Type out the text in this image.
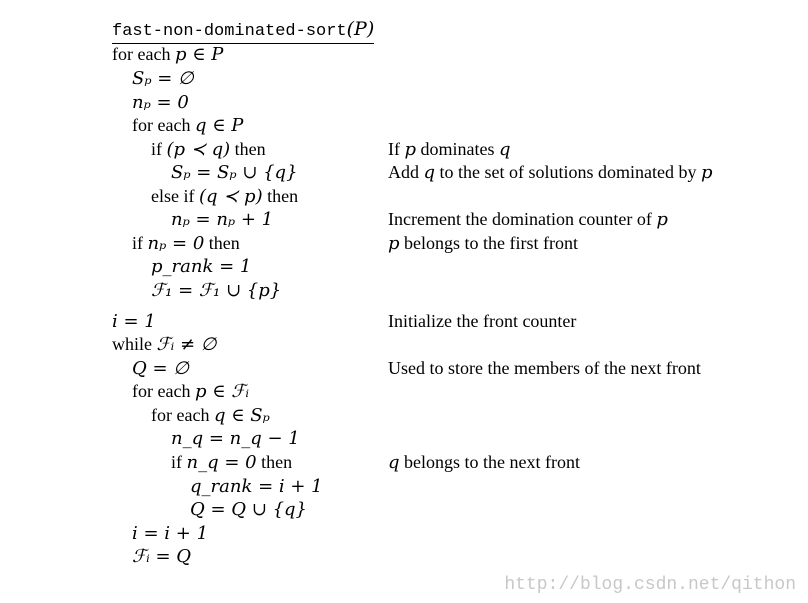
fast-non-dominated-sort(P)
for each p ∈ P
Sₚ = ∅
nₚ = 0
for each q ∈ P
if (p ≺ q) then
Sₚ = Sₚ ∪ {q}
else if (q ≺ p) then
nₚ = nₚ + 1
if nₚ = 0 then
p_rank = 1
ℱ₁ = ℱ₁ ∪ {p}
i = 1
while ℱᵢ ≠ ∅
Q = ∅
for each p ∈ ℱᵢ
for each q ∈ Sₚ
n_q = n_q − 1
if n_q = 0 then
q_rank = i + 1
Q = Q ∪ {q}
i = i + 1
ℱᵢ = Q
If p dominates q
Add q to the set of solutions dominated by p
Increment the domination counter of p
p belongs to the first front
Initialize the front counter
Used to store the members of the next front
q belongs to the next front
http://blog.csdn.net/qithon
